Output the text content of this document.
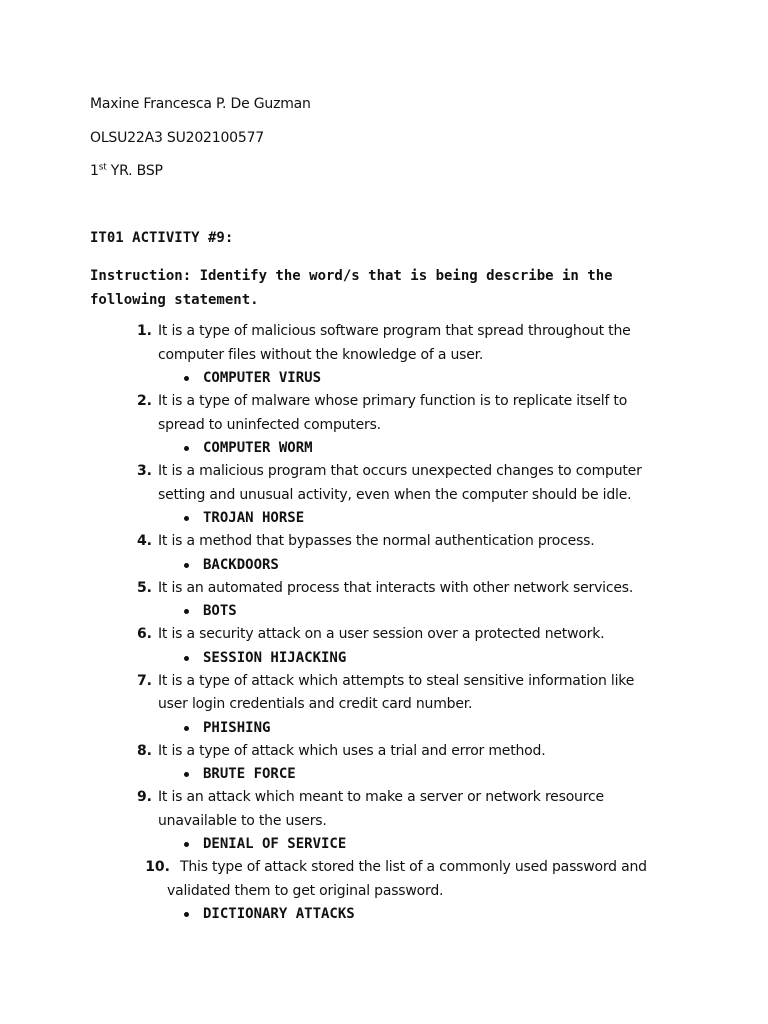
Maxine Francesca P. De Guzman
OLSU22A3 SU202100577
1st YR. BSP
IT01 ACTIVITY #9:
Instruction: Identify the word/s that is being describe in the following statement.
1. It is a type of malicious software program that spread throughout the computer files without the knowledge of a user.
COMPUTER VIRUS
2. It is a type of malware whose primary function is to replicate itself to spread to uninfected computers.
COMPUTER WORM
3. It is a malicious program that occurs unexpected changes to computer setting and unusual activity, even when the computer should be idle.
TROJAN HORSE
4. It is a method that bypasses the normal authentication process.
BACKDOORS
5. It is an automated process that interacts with other network services.
BOTS
6. It is a security attack on a user session over a protected network.
SESSION HIJACKING
7. It is a type of attack which attempts to steal sensitive information like user login credentials and credit card number.
PHISHING
8. It is a type of attack which uses a trial and error method.
BRUTE FORCE
9. It is an attack which meant to make a server or network resource unavailable to the users.
DENIAL OF SERVICE
10. This type of attack stored the list of a commonly used password and validated them to get original password.
DICTIONARY ATTACKS
